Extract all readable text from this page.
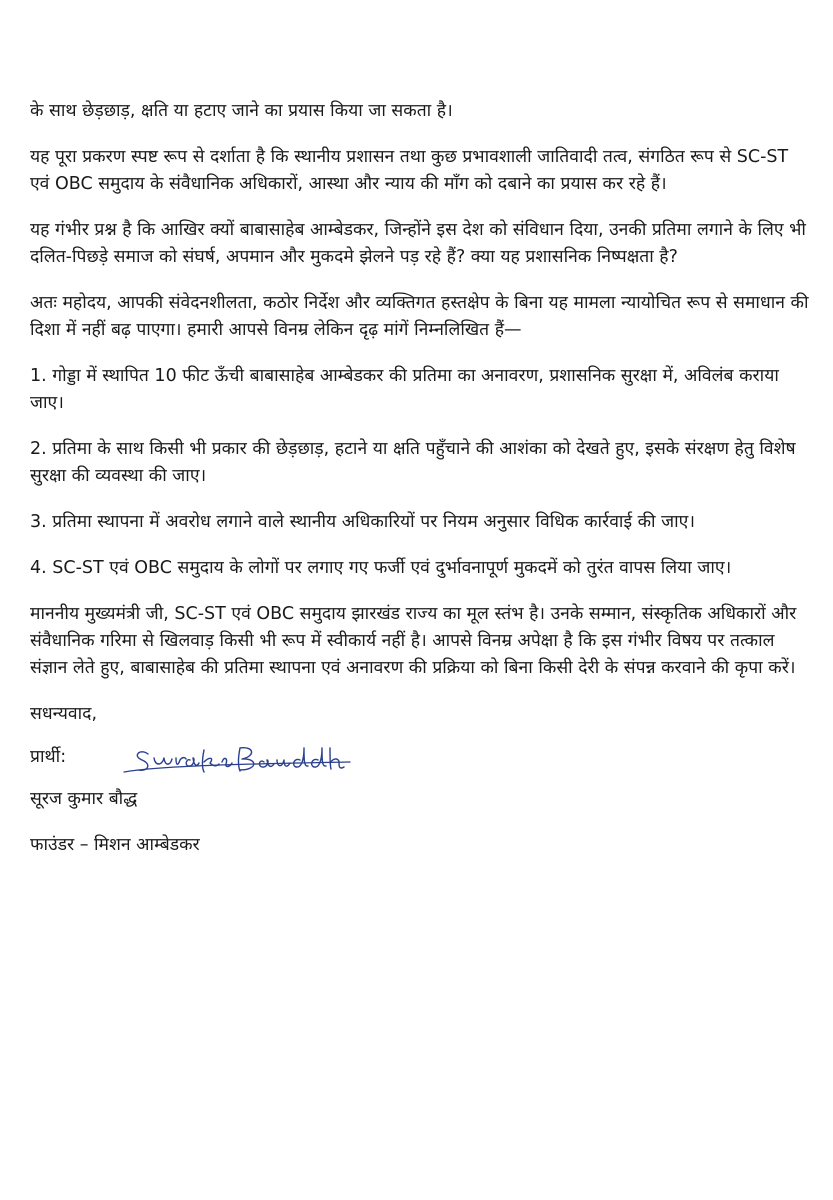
के साथ छेड़छाड़, क्षति या हटाए जाने का प्रयास किया जा सकता है।

यह पूरा प्रकरण स्पष्ट रूप से दर्शाता है कि स्थानीय प्रशासन तथा कुछ प्रभावशाली जातिवादी तत्व, संगठित रूप से SC-ST एवं OBC समुदाय के संवैधानिक अधिकारों, आस्था और न्याय की माँग को दबाने का प्रयास कर रहे हैं।

यह गंभीर प्रश्न है कि आखिर क्यों बाबासाहेब आम्बेडकर, जिन्होंने इस देश को संविधान दिया, उनकी प्रतिमा लगाने के लिए भी दलित-पिछड़े समाज को संघर्ष, अपमान और मुकदमे झेलने पड़ रहे हैं? क्या यह प्रशासनिक निष्पक्षता है?

अतः महोदय, आपकी संवेदनशीलता, कठोर निर्देश और व्यक्तिगत हस्तक्षेप के बिना यह मामला न्यायोचित रूप से समाधान की दिशा में नहीं बढ़ पाएगा। हमारी आपसे विनम्र लेकिन दृढ़ मांगें निम्नलिखित हैं—

1. गोड्डा में स्थापित 10 फीट ऊँची बाबासाहेब आम्बेडकर की प्रतिमा का अनावरण, प्रशासनिक सुरक्षा में, अविलंब कराया जाए।

2. प्रतिमा के साथ किसी भी प्रकार की छेड़छाड़, हटाने या क्षति पहुँचाने की आशंका को देखते हुए, इसके संरक्षण हेतु विशेष सुरक्षा की व्यवस्था की जाए।

3. प्रतिमा स्थापना में अवरोध लगाने वाले स्थानीय अधिकारियों पर नियम अनुसार विधिक कार्रवाई की जाए।

4. SC-ST एवं OBC समुदाय के लोगों पर लगाए गए फर्जी एवं दुर्भावनापूर्ण मुकदमें को तुरंत वापस लिया जाए।

माननीय मुख्यमंत्री जी, SC-ST एवं OBC समुदाय झारखंड राज्य का मूल स्तंभ है। उनके सम्मान, संस्कृतिक अधिकारों और संवैधानिक गरिमा से खिलवाड़ किसी भी रूप में स्वीकार्य नहीं है। आपसे विनम्र अपेक्षा है कि इस गंभीर विषय पर तत्काल संज्ञान लेते हुए, बाबासाहेब की प्रतिमा स्थापना एवं अनावरण की प्रक्रिया को बिना किसी देरी के संपन्न करवाने की कृपा करें।

सधन्यवाद,

प्रार्थी:

सूरज कुमार बौद्ध

फाउंडर – मिशन आम्बेडकर
